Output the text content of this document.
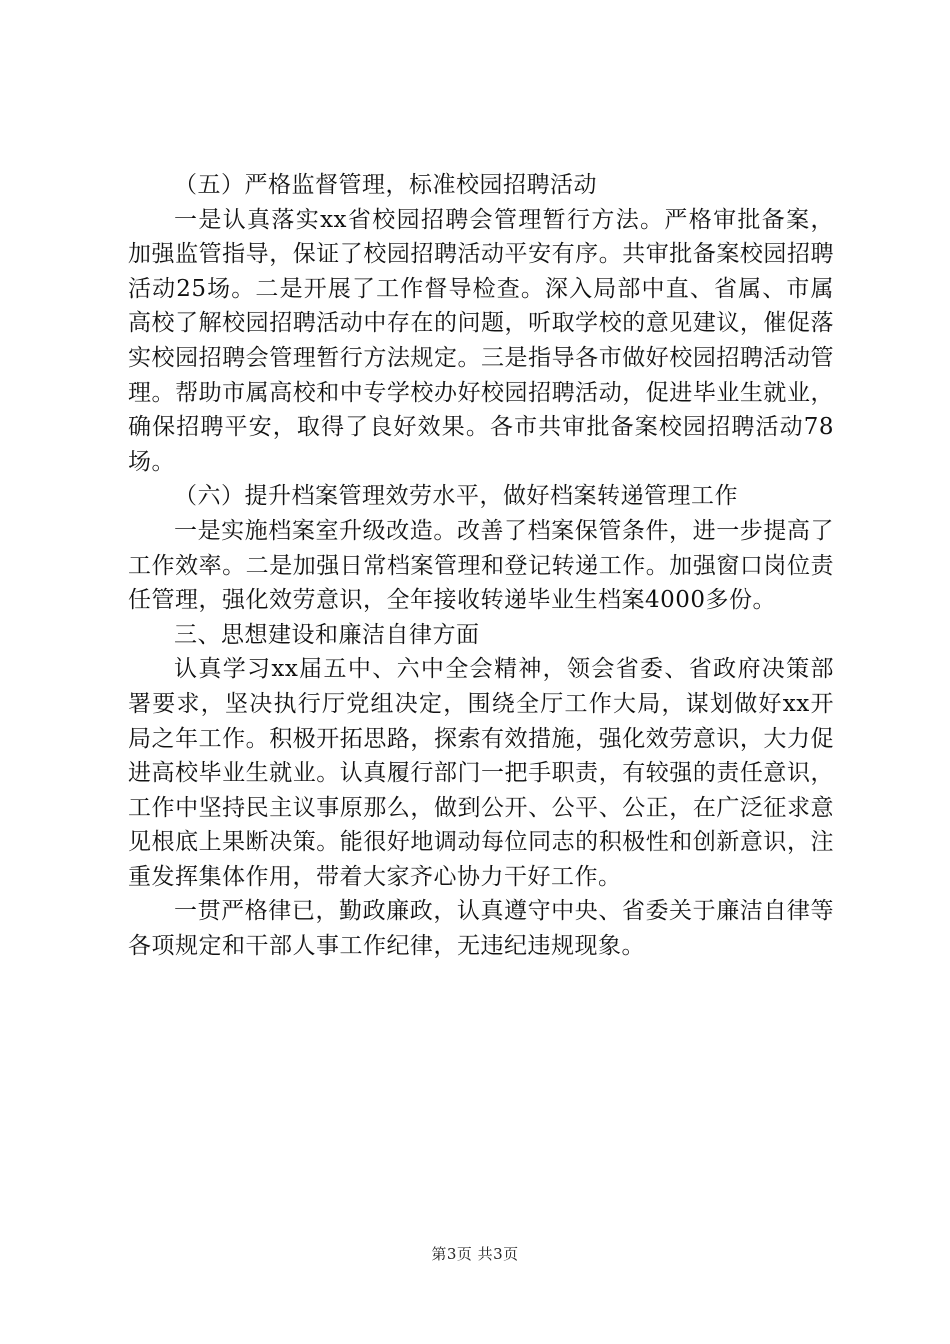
（五）严格监督管理，标准校园招聘活动

一是认真落实xx省校园招聘会管理暂行方法。严格审批备案，加强监管指导，保证了校园招聘活动平安有序。共审批备案校园招聘活动25场。二是开展了工作督导检查。深入局部中直、省属、市属高校了解校园招聘活动中存在的问题，听取学校的意见建议，催促落实校园招聘会管理暂行方法规定。三是指导各市做好校园招聘活动管理。帮助市属高校和中专学校办好校园招聘活动，促进毕业生就业，确保招聘平安，取得了良好效果。各市共审批备案校园招聘活动78场。

（六）提升档案管理效劳水平，做好档案转递管理工作

一是实施档案室升级改造。改善了档案保管条件，进一步提高了工作效率。二是加强日常档案管理和登记转递工作。加强窗口岗位责任管理，强化效劳意识，全年接收转递毕业生档案4000多份。

三、思想建设和廉洁自律方面

认真学习xx届五中、六中全会精神，领会省委、省政府决策部署要求，坚决执行厅党组决定，围绕全厅工作大局，谋划做好xx开局之年工作。积极开拓思路，探索有效措施，强化效劳意识，大力促进高校毕业生就业。认真履行部门一把手职责，有较强的责任意识，工作中坚持民主议事原那么，做到公开、公平、公正，在广泛征求意见根底上果断决策。能很好地调动每位同志的积极性和创新意识，注重发挥集体作用，带着大家齐心协力干好工作。

一贯严格律已，勤政廉政，认真遵守中央、省委关于廉洁自律等各项规定和干部人事工作纪律，无违纪违规现象。

第3页 共3页
